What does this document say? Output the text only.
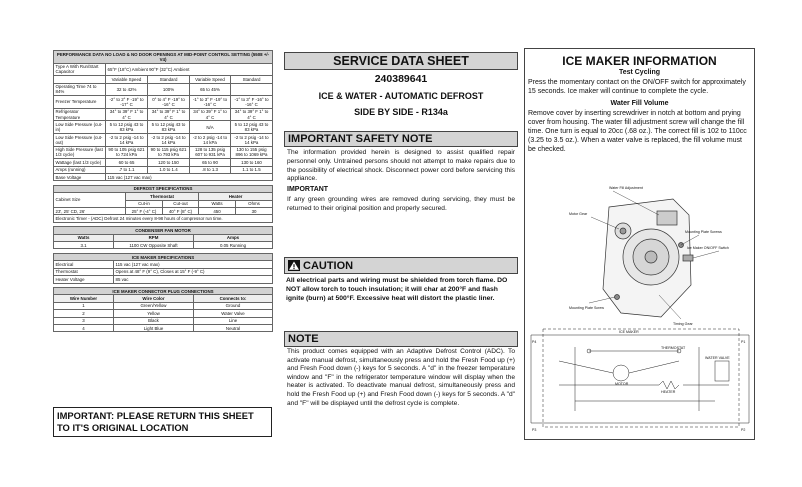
PERFORMANCE DATA NO LOAD & NO DOOR OPENINGS AT MID-POINT CONTROL SETTING (5508 +/- V4)				
Type A With Run/Start Capacitor	65°F (18°C) Ambient 90°F (32°C) Ambient			
	Variable Speed	Standard	Variable Speed	Standard
Operating Time 74 to 84%	32 to 42%	100%	65 to 45%	
Freezer Temperature	-2° to 2° F -19° to -17° C	0° to 4° F -19° to -16° C	-1° to 3° F -19° to -16° C	-1° to 3° F -16° to -16° C
Refrigerator Temperature	34° to 39° F 1° to 4° C	34° to 39° F 1° to 4° C	34° to 39° F 1° to 4° C	34° to 39° F 1° to 4° C
Low Side Pressure (cut-in)	5 to 12 psig 43 to 83 kPa	5 to 12 psig 43 to 83 kPa	N/A	5 to 12 psig 43 to 83 kPa
Low Side Pressure (cut-out)	-2 to 2 psig -14 to 14 kPa	-2 to 2 psig -14 to 14 kPa	-2 to 2 psig -14 to 14 kPa	-2 to 2 psig -14 to 14 kPa
High Side Pressure (last 1/3 cycle)	90 to 105 psig 621 to 724 kPa	90 to 115 psig 621 to 793 kPa	128 to 135 psig 607 to 931 kPa	130 to 155 psig 896 to 1069 kPa
Wattage (last 1/3 cycle)	60 to 65	120 to 150	65 to 90	130 to 160
Amps (running)	.7 to 1.1	1.0 to 1.4	.8 to 1.3	1.1 to 1.5
Base Voltage	115 vac (127 vac max)			

DEFROST SPECIFICATIONS				
Cabinet Size	Thermostat		Heater	
	Cut-in	Cut-out	Watts	Ohms
23', 25' CD, 26'	25° F (-4° C)	40° F (8° C)	450	30
Electronic Timer - (ADC) Defrost 24 minutes every 8-98 hours of compressor run time.				

CONDENSER FAN MOTOR		
Watts	RPM	Amps
3.1	1100 CW Opposite Shaft	0.05 Running

ICE MAKER SPECIFICATIONS	
Electrical	115 vac (127 vac max)
Thermostat	Opens at 48° F (9° C), Closes at 15° F (-9° C)
Heater Voltage	85 vac

ICE MAKER CONNECTOR PLUG CONNECTIONS		
Wire Number	Wire Color	Connects to:
1	Green/Yellow	Ground
2	Yellow	Water Valve
3	Black	Line
4	Light Blue	Neutral
IMPORTANT: PLEASE RETURN THIS SHEET TO IT'S ORIGINAL LOCATION
SERVICE DATA SHEET
240389641
ICE & WATER - AUTOMATIC DEFROST
SIDE BY SIDE - R134a
IMPORTANT SAFETY NOTE
The information provided herein is designed to assist qualified repair personnel only. Untrained persons should not attempt to make repairs due to the possibility of electrical shock. Disconnect power cord before servicing this appliance.
IMPORTANT
If any green grounding wires are removed during servicing, they must be returned to their original position and properly secured.
CAUTION
All electrical parts and wiring must be shielded from torch flame. DO NOT allow torch to touch insulation; it will char at 200°F and flash ignite (burn) at 500°F. Excessive heat will distort the plastic liner.
NOTE
This product comes equipped with an Adaptive Defrost Control (ADC). To activate manual defrost, simultaneously press and hold the Fresh Food up (+) and Fresh Food down (-) keys for 5 seconds. A "d" in the freezer temperature window and "F" in the refrigerator temperature window will display when the heater is activated. To deactivate manual defrost, simultaneously press and hold the Fresh Food up (+) and Fresh Food down (-) keys for 5 seconds. A "d" and "F" will be displayed until the defrost cycle is complete.
ICE MAKER INFORMATION
Test Cycling
Press the momentary contact on the ON/OFF switch for approximately 15 seconds. Ice maker will continue to complete the cycle.
Water Fill Volume
Remove cover by inserting screwdriver in notch at bottom and prying cover from housing. The water fill adjustment screw will change the fill time. One turn is equal to 20cc (.68 oz.). The correct fill is 102 to 110cc (3.25 to 3.5 oz.). When a water valve is replaced, the fill volume must be checked.
Water Fill Adjustment
Motor Gear
Mounting Plate Screws
Ice Maker ON/OFF Switch
Mounting Plate Screw
Timing Gear
ICE MAKER
MOTOR
HEATER
THERMOSTAT
WATER VALVE
P4
P3
P1
P2
